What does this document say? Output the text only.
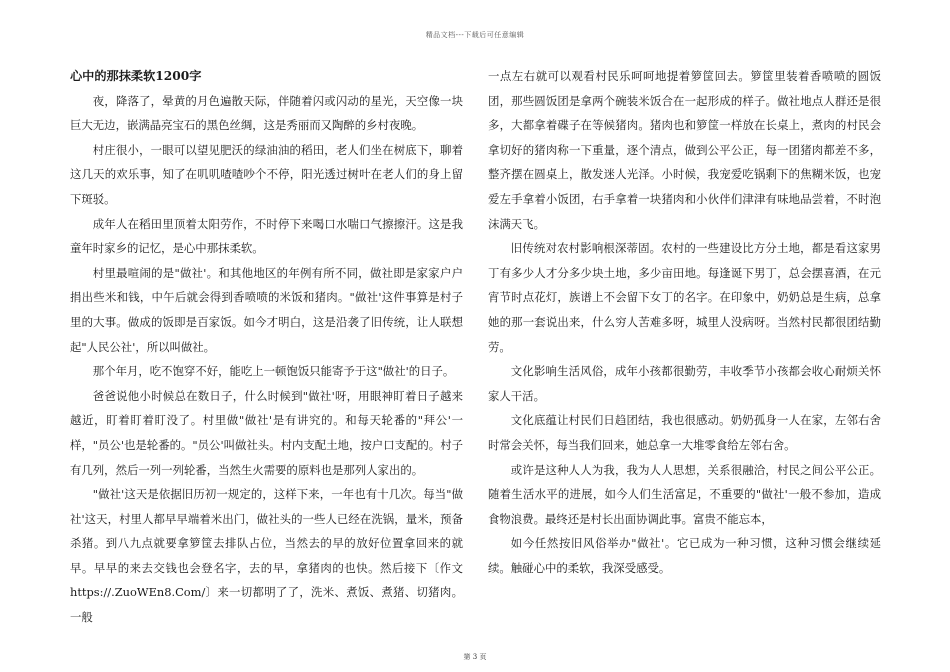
精品文档---下载后可任意编辑
心中的那抹柔软1200字

夜，降落了，晕黄的月色遍散天际，伴随着闪或闪动的星光，天空像一块巨大无边，嵌满晶亮宝石的黑色丝绸，这是秀丽而又陶醉的乡村夜晚。

村庄很小，一眼可以望见肥沃的绿油油的稻田，老人们坐在树底下，聊着这几天的欢乐事，知了在叽叽喳喳吵个不停，阳光透过树叶在老人们的身上留下斑驳。

成年人在稻田里顶着太阳劳作，不时停下来喝口水喘口气擦擦汗。这是我童年时家乡的记忆，是心中那抹柔软。

村里最喧闹的是"做社'。和其他地区的年例有所不同，做社即是家家户户捐出些米和钱，中午后就会得到香喷喷的米饭和猪肉。"做社'这件事算是村子里的大事。做成的饭即是百家饭。如今才明白，这是沿袭了旧传统，让人联想起"人民公社'，所以叫做社。

那个年月，吃不饱穿不好，能吃上一顿饱饭只能寄予于这"做社'的日子。

爸爸说他小时候总在数日子，什么时候到"做社'呀，用眼神盯着日子越来越近，盯着盯着盯没了。村里做"做社'是有讲究的。和每天轮番的"拜公'一样，"员公'也是轮番的。"员公'叫做社头。村内支配土地，按户口支配的。村子有几列，然后一列一列轮番，当然生火需要的原料也是那列人家出的。

"做社'这天是依据旧历初一规定的，这样下来，一年也有十几次。每当"做社'这天，村里人都早早端着米出门，做社头的一些人已经在洗锅，量米，预备杀猪。到八九点就要拿箩筐去排队占位，当然去的早的放好位置拿回来的就早。早早的来去交钱也会登名字，去的早，拿猪肉的也快。然后接下〔作文https://.ZuoWEn8.Com/〕来一切都明了了，洗米、煮饭、煮猪、切猪肉。一般

一点左右就可以观看村民乐呵呵地提着箩筐回去。箩筐里装着香喷喷的圆饭团，那些圆饭团是拿两个碗装米饭合在一起形成的样子。做社地点人群还是很多，大都拿着碟子在等候猪肉。猪肉也和箩筐一样放在长桌上，煮肉的村民会拿切好的猪肉称一下重量，逐个清点，做到公平公正，每一团猪肉都差不多，整齐摆在圆桌上，散发迷人光泽。小时候，我宠爱吃锅剩下的焦糊米饭，也宠爱左手拿着小饭团，右手拿着一块猪肉和小伙伴们津津有味地品尝着，不时泡沫满天飞。

旧传统对农村影响根深蒂固。农村的一些建设比方分土地，都是看这家男丁有多少人才分多少块土地，多少亩田地。每逢诞下男丁，总会摆喜酒，在元宵节时点花灯，族谱上不会留下女丁的名字。在印象中，奶奶总是生病，总拿她的那一套说出来，什么穷人苦难多呀，城里人没病呀。当然村民都很团结勤劳。

文化影响生活风俗，成年小孩都很勤劳，丰收季节小孩都会收心耐烦关怀家人干活。

文化底蕴让村民们日趋团结，我也很感动。奶奶孤身一人在家，左邻右舍时常会关怀，每当我们回来，她总拿一大堆零食给左邻右舍。

或许是这种人人为我，我为人人思想，关系很融洽，村民之间公平公正。随着生活水平的进展，如今人们生活富足，不重要的"做社'一般不参加，造成食物浪费。最终还是村长出面协调此事。富贵不能忘本，

如今任然按旧风俗举办"做社'。它已成为一种习惯，这种习惯会继续延续。触碰心中的柔软，我深受感受。

第 3 页
